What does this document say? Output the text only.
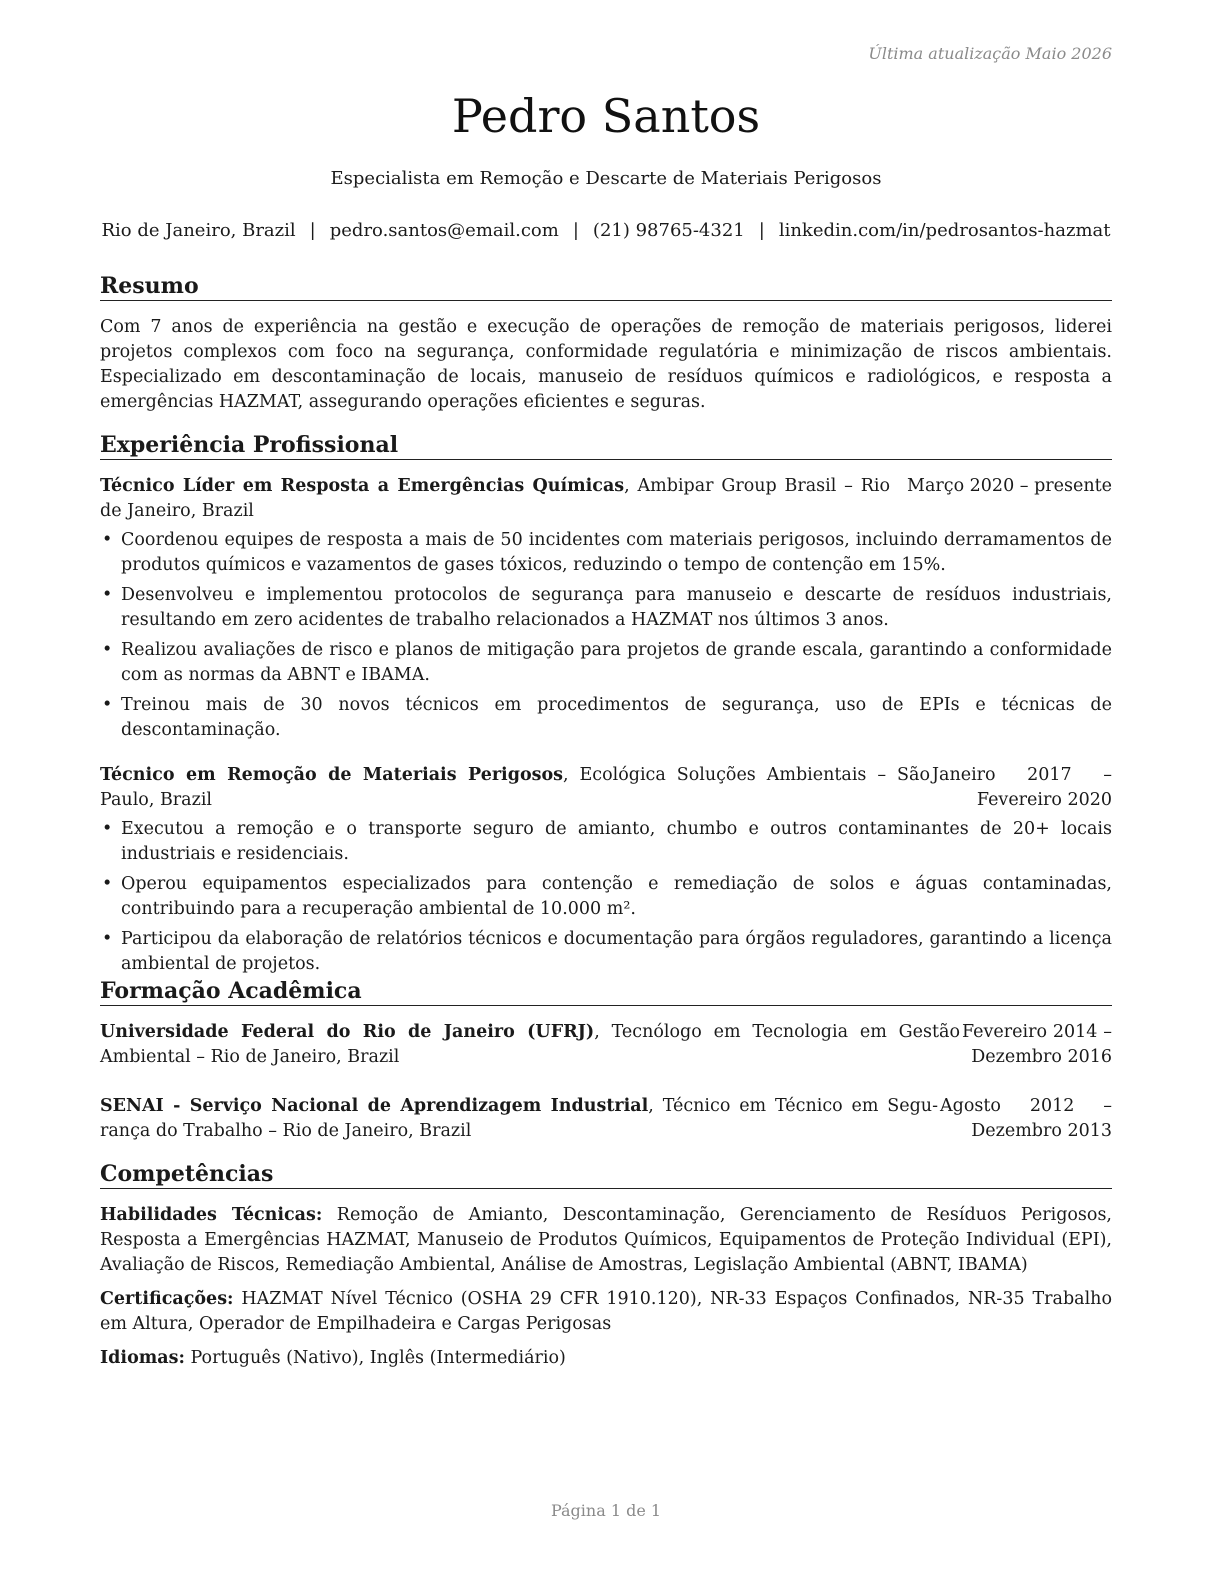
Última atualização Maio 2026
Pedro Santos
Especialista em Remoção e Descarte de Materiais Perigosos
Rio de Janeiro, Brazil | pedro.santos@email.com | (21) 98765-4321 | linkedin.com/in/pedrosantos-hazmat
Resumo

Com 7 anos de experiência na gestão e execução de operações de remoção de materiais perigosos, liderei projetos complexos com foco na segurança, conformidade regulatória e minimização de riscos ambientais. Especializado em descontaminação de locais, manuseio de resíduos químicos e radiológicos, e resposta a emergências HAZMAT, assegurando operações eficientes e seguras.

Experiência Profissional
Técnico Líder em Resposta a Emergências Químicas, Ambipar Group Brasil – Rio de Janeiro, Brazil
Março 2020 – presente
• Coordenou equipes de resposta a mais de 50 incidentes com materiais perigosos, incluindo derramamentos de produtos químicos e vazamentos de gases tóxicos, reduzindo o tempo de contenção em 15%.
• Desenvolveu e implementou protocolos de segurança para manuseio e descarte de resíduos industriais, resultando em zero acidentes de trabalho relacionados a HAZMAT nos últimos 3 anos.
• Realizou avaliações de risco e planos de mitigação para projetos de grande escala, garantindo a conformidade com as normas da ABNT e IBAMA.
• Treinou mais de 30 novos técnicos em procedimentos de segurança, uso de EPIs e técnicas de descontaminação.
Técnico em Remoção de Materiais Perigosos, Ecológica Soluções Ambientais – São Paulo, Brazil
Janeiro 2017 – Fevereiro 2020
• Executou a remoção e o transporte seguro de amianto, chumbo e outros contaminantes de 20+ locais industriais e residenciais.
• Operou equipamentos especializados para contenção e remediação de solos e águas contaminadas, contribuindo para a recuperação ambiental de 10.000 m².
• Participou da elaboração de relatórios técnicos e documentação para órgãos reguladores, garantindo a licença ambiental de projetos.
Formação Acadêmica
Universidade Federal do Rio de Janeiro (UFRJ), Tecnólogo em Tecnologia em Gestão Ambiental – Rio de Janeiro, Brazil
Fevereiro 2014 – Dezembro 2016
SENAI - Serviço Nacional de Aprendizagem Industrial, Técnico em Técnico em Segurança do Trabalho – Rio de Janeiro, Brazil
Agosto 2012 – Dezembro 2013
Competências

Habilidades Técnicas: Remoção de Amianto, Descontaminação, Gerenciamento de Resíduos Perigosos, Resposta a Emergências HAZMAT, Manuseio de Produtos Químicos, Equipamentos de Proteção Individual (EPI), Avaliação de Riscos, Remediação Ambiental, Análise de Amostras, Legislação Ambiental (ABNT, IBAMA)

Certificações: HAZMAT Nível Técnico (OSHA 29 CFR 1910.120), NR-33 Espaços Confinados, NR-35 Trabalho em Altura, Operador de Empilhadeira e Cargas Perigosas

Idiomas: Português (Nativo), Inglês (Intermediário)

Página 1 de 1
